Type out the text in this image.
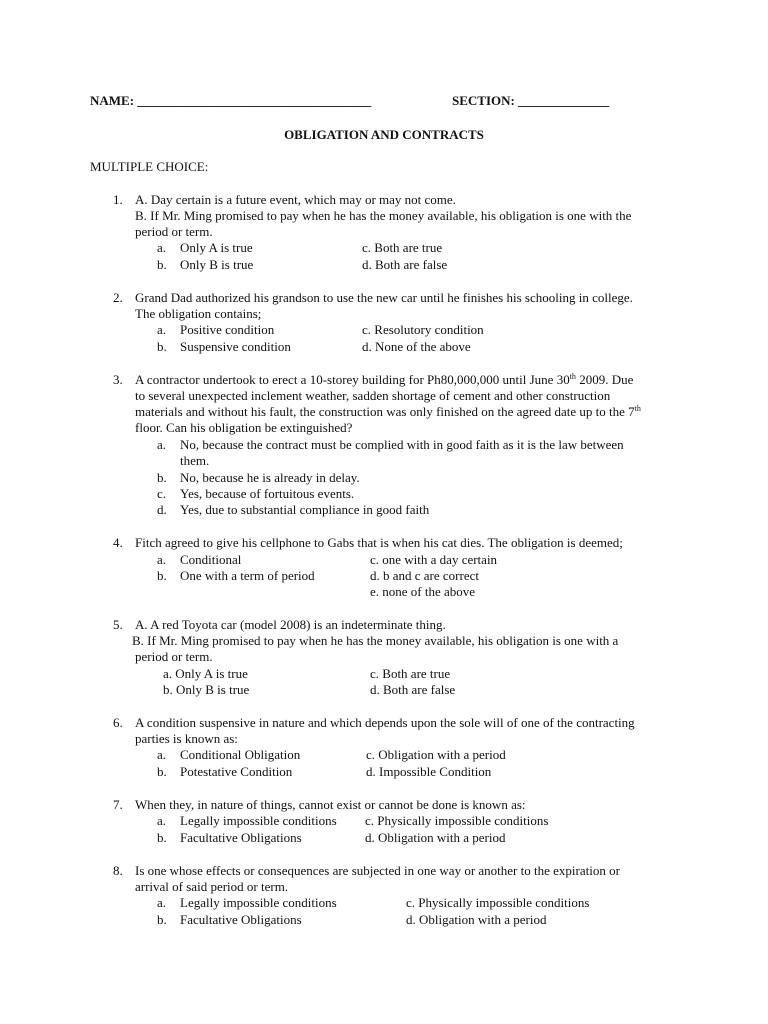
NAME: ____________________________________	SECTION: ______________
OBLIGATION AND CONTRACTS
MULTIPLE CHOICE:
1. A. Day certain is a future event, which may or may not come.
B. If Mr. Ming promised to pay when he has the money available, his obligation is one with the
period or term.
a. Only A is true	c. Both are true
b. Only B is true	d. Both are false
2. Grand Dad authorized his grandson to use the new car until he finishes his schooling in college.
The obligation contains;
a. Positive condition	c. Resolutory condition
b. Suspensive condition	d. None of the above
3. A contractor undertook to erect a 10-storey building for Ph80,000,000 until June 30th 2009. Due
to several unexpected inclement weather, sadden shortage of cement and other construction
materials and without his fault, the construction was only finished on the agreed date up to the 7th
floor. Can his obligation be extinguished?
a. No, because the contract must be complied with in good faith as it is the law between
them.
b. No, because he is already in delay.
c. Yes, because of fortuitous events.
d. Yes, due to substantial compliance in good faith
4. Fitch agreed to give his cellphone to Gabs that is when his cat dies. The obligation is deemed;
a. Conditional	c. one with a day certain
b. One with a term of period	d. b and c are correct
e. none of the above
5. A. A red Toyota car (model 2008) is an indeterminate thing.
B. If Mr. Ming promised to pay when he has the money available, his obligation is one with a
period or term.
a. Only A is true	c. Both are true
b. Only B is true	d. Both are false
6. A condition suspensive in nature and which depends upon the sole will of one of the contracting
parties is known as:
a. Conditional Obligation	c. Obligation with a period
b. Potestative Condition	d. Impossible Condition
7. When they, in nature of things, cannot exist or cannot be done is known as:
a. Legally impossible conditions c. Physically impossible conditions
b. Facultative Obligations	d. Obligation with a period
8. Is one whose effects or consequences are subjected in one way or another to the expiration or
arrival of said period or term.
a. Legally impossible conditions	c. Physically impossible conditions
b. Facultative Obligations	d. Obligation with a period
